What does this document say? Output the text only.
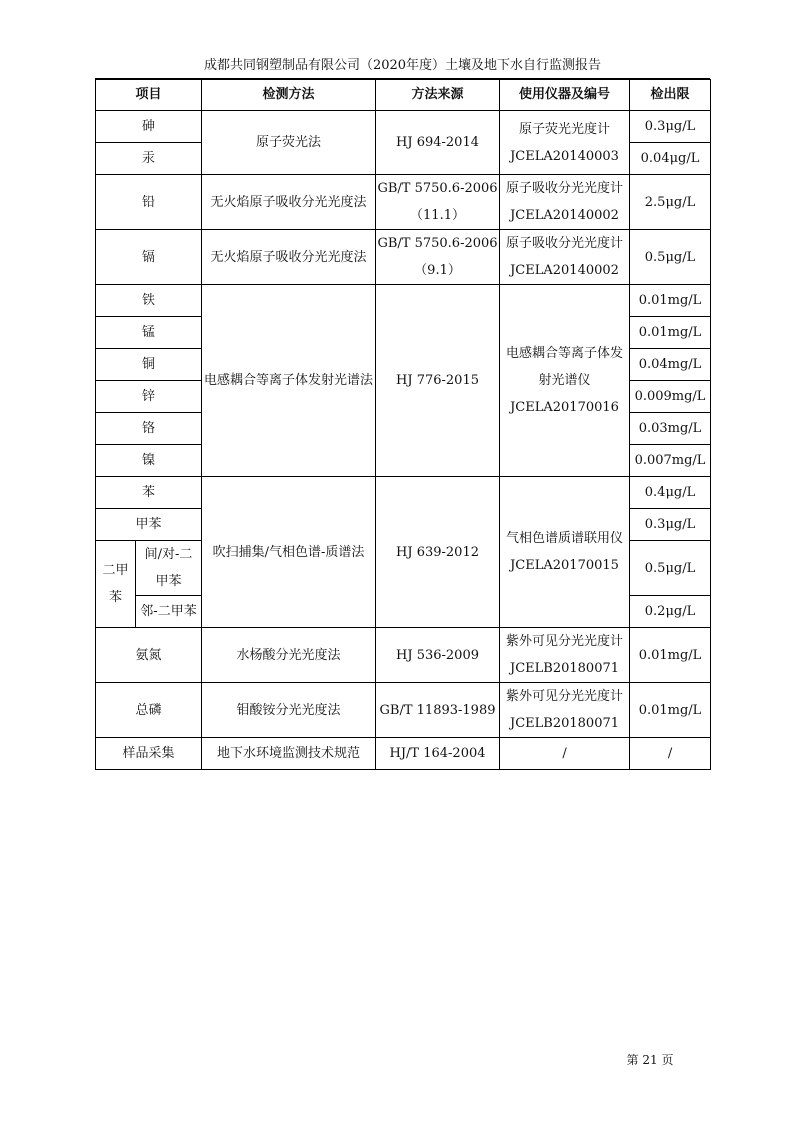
成都共同钢塑制品有限公司（2020年度）土壤及地下水自行监测报告
项目		检测方法	方法来源	使用仪器及编号	检出限
砷		原子荧光法	HJ 694-2014	原子荧光光度计 JCELA20140003	0.3μg/L
汞					0.04μg/L
铅		无火焰原子吸收分光光度法	GB/T 5750.6-2006（11.1）	原子吸收分光光度计 JCELA20140002	2.5μg/L
镉		无火焰原子吸收分光光度法	GB/T 5750.6-2006（9.1）	原子吸收分光光度计 JCELA20140002	0.5μg/L
铁		电感耦合等离子体发射光谱法	HJ 776-2015	电感耦合等离子体发射光谱仪 JCELA20170016	0.01mg/L
锰					0.01mg/L
铜					0.04mg/L
锌					0.009mg/L
铬					0.03mg/L
镍					0.007mg/L
苯		吹扫捕集/气相色谱-质谱法	HJ 639-2012	气相色谱质谱联用仪 JCELA20170015	0.4μg/L
甲苯					0.3μg/L
二甲苯	间/对-二甲苯				0.5μg/L
	邻-二甲苯				0.2μg/L
氨氮		水杨酸分光光度法	HJ 536-2009	紫外可见分光光度计 JCELB20180071	0.01mg/L
总磷		钼酸铵分光光度法	GB/T 11893-1989	紫外可见分光光度计 JCELB20180071	0.01mg/L
样品采集		地下水环境监测技术规范	HJ/T 164-2004	/	/
第 21 页
